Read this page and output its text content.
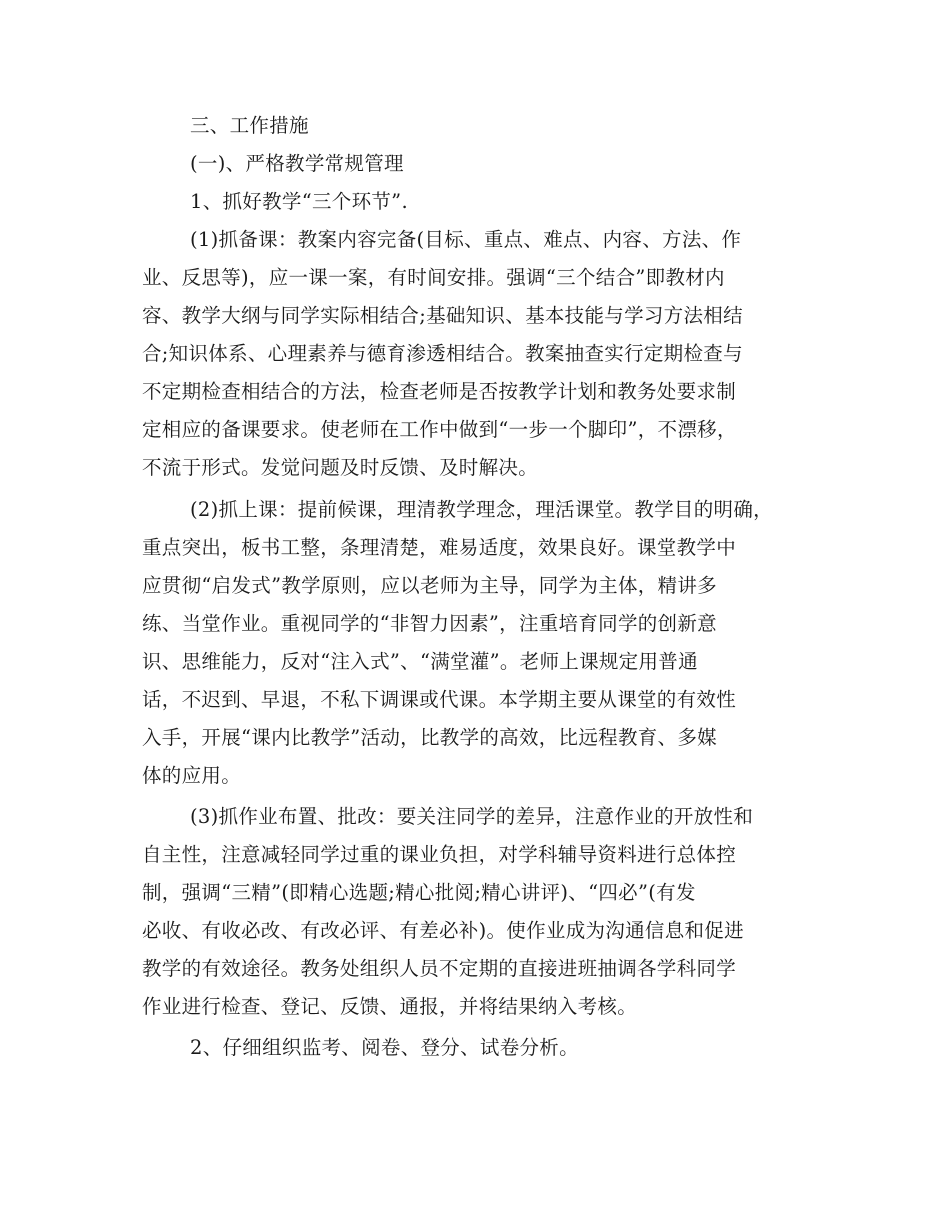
三、工作措施
(一)、严格教学常规管理
1、抓好教学“三个环节”.
(1)抓备课：教案内容完备(目标、重点、难点、内容、方法、作
业、反思等)，应一课一案，有时间安排。强调“三个结合”即教材内
容、教学大纲与同学实际相结合;基础知识、基本技能与学习方法相结
合;知识体系、心理素养与德育渗透相结合。教案抽查实行定期检查与
不定期检查相结合的方法，检查老师是否按教学计划和教务处要求制
定相应的备课要求。使老师在工作中做到“一步一个脚印”，不漂移，
不流于形式。发觉问题及时反馈、及时解决。
(2)抓上课：提前候课，理清教学理念，理活课堂。教学目的明确，
重点突出，板书工整，条理清楚，难易适度，效果良好。课堂教学中
应贯彻“启发式”教学原则，应以老师为主导，同学为主体，精讲多
练、当堂作业。重视同学的“非智力因素”，注重培育同学的创新意
识、思维能力，反对“注入式”、“满堂灌”。老师上课规定用普通
话，不迟到、早退，不私下调课或代课。本学期主要从课堂的有效性
入手，开展“课内比教学”活动，比教学的高效，比远程教育、多媒
体的应用。
(3)抓作业布置、批改：要关注同学的差异，注意作业的开放性和
自主性，注意减轻同学过重的课业负担，对学科辅导资料进行总体控
制，强调“三精”(即精心选题;精心批阅;精心讲评)、“四必”(有发
必收、有收必改、有改必评、有差必补)。使作业成为沟通信息和促进
教学的有效途径。教务处组织人员不定期的直接进班抽调各学科同学
作业进行检查、登记、反馈、通报，并将结果纳入考核。
2、仔细组织监考、阅卷、登分、试卷分析。
